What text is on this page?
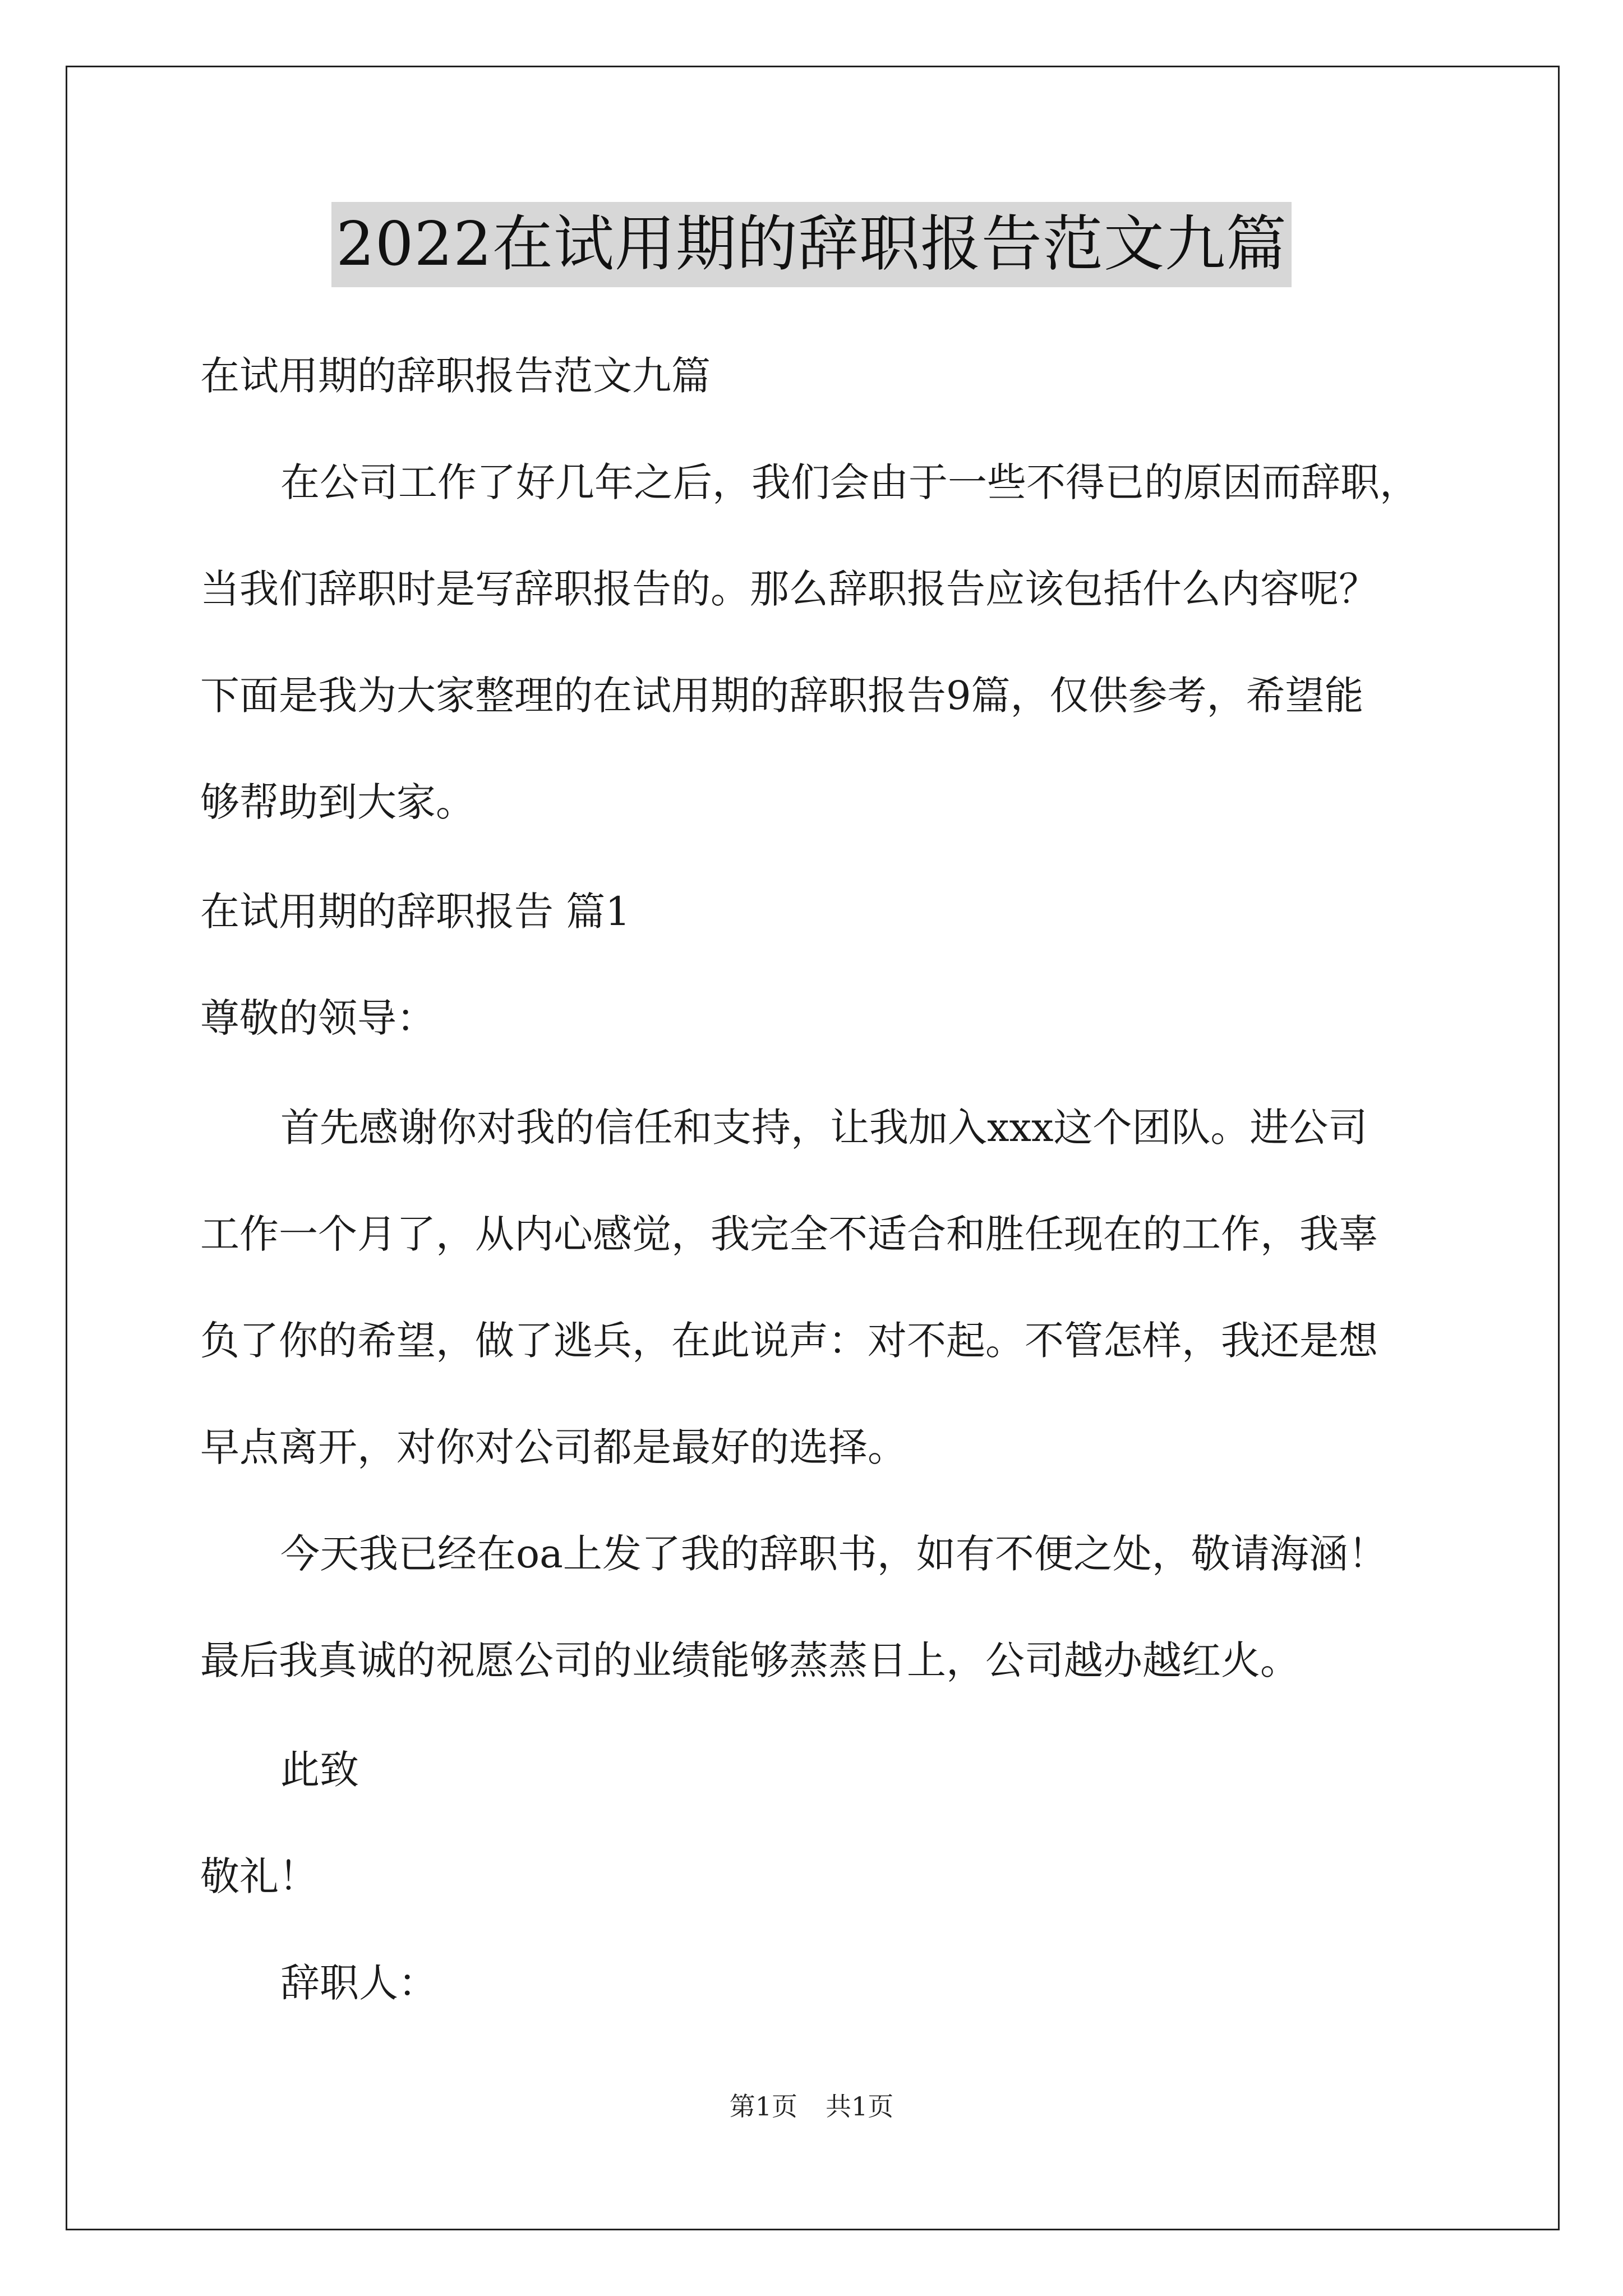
2022在试用期的辞职报告范文九篇
在试用期的辞职报告范文九篇
在公司工作了好几年之后，我们会由于一些不得已的原因而辞职，
当我们辞职时是写辞职报告的。那么辞职报告应该包括什么内容呢？
下面是我为大家整理的在试用期的辞职报告9篇，仅供参考，希望能
够帮助到大家。
在试用期的辞职报告 篇1
尊敬的领导：
首先感谢你对我的信任和支持，让我加入xxx这个团队。进公司
工作一个月了，从内心感觉，我完全不适合和胜任现在的工作，我辜
负了你的希望，做了逃兵，在此说声：对不起。不管怎样，我还是想
早点离开，对你对公司都是最好的选择。
今天我已经在oa上发了我的辞职书，如有不便之处，敬请海涵！
最后我真诚的祝愿公司的业绩能够蒸蒸日上，公司越办越红火。
此致
敬礼！
辞职人：
第1页 共1页
